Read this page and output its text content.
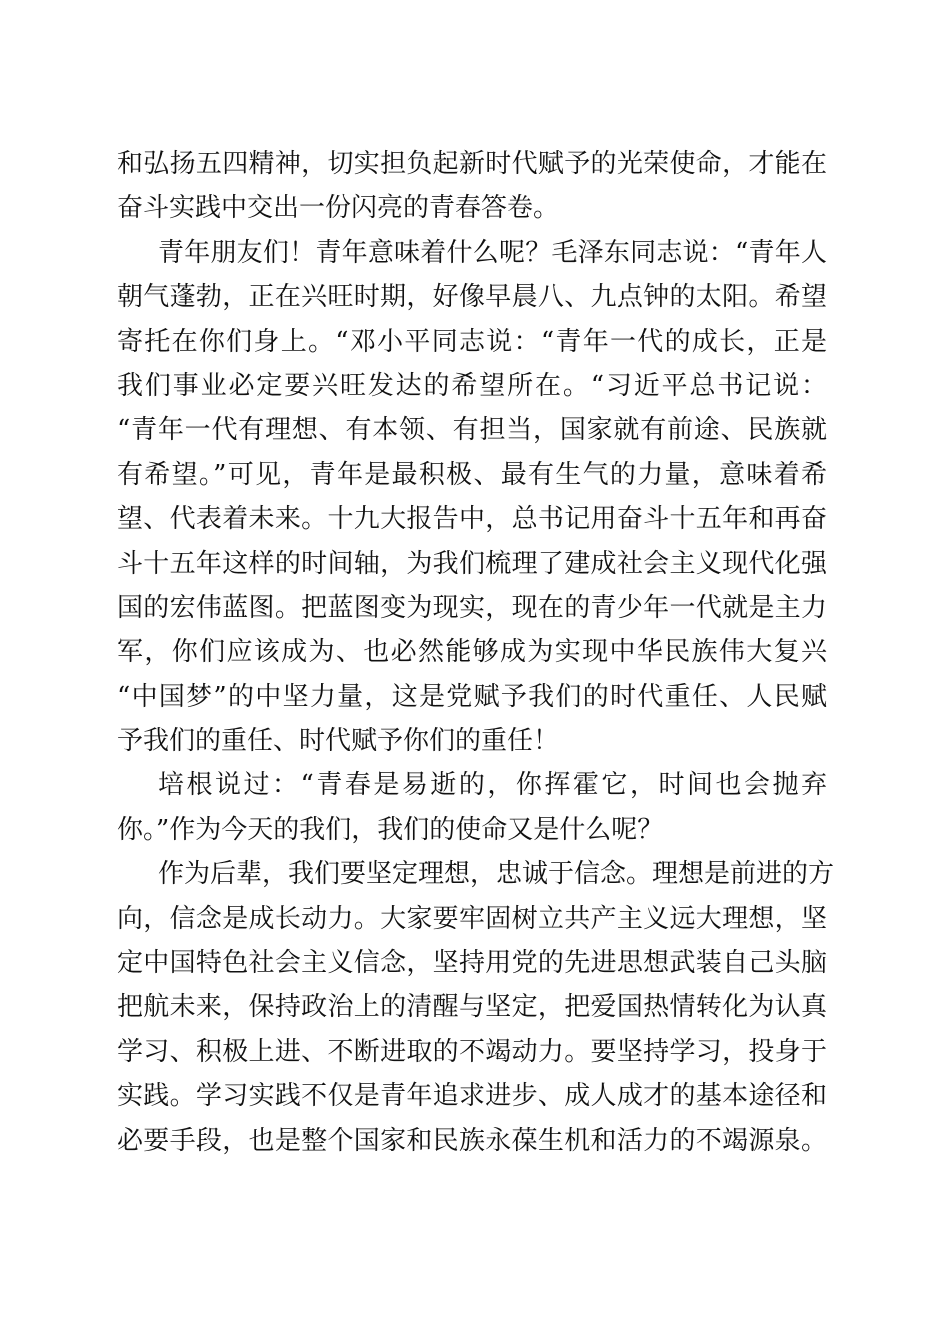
和弘扬五四精神，切实担负起新时代赋予的光荣使命，才能在
奋斗实践中交出一份闪亮的青春答卷。
青年朋友们！青年意味着什么呢？毛泽东同志说：“青年人
朝气蓬勃，正在兴旺时期，好像早晨八、九点钟的太阳。希望
寄托在你们身上。“邓小平同志说：“青年一代的成长，正是
我们事业必定要兴旺发达的希望所在。“习近平总书记说：
“青年一代有理想、有本领、有担当，国家就有前途、民族就
有希望。”可见，青年是最积极、最有生气的力量，意味着希
望、代表着未来。十九大报告中，总书记用奋斗十五年和再奋
斗十五年这样的时间轴，为我们梳理了建成社会主义现代化强
国的宏伟蓝图。把蓝图变为现实，现在的青少年一代就是主力
军，你们应该成为、也必然能够成为实现中华民族伟大复兴
“中国梦”的中坚力量，这是党赋予我们的时代重任、人民赋
予我们的重任、时代赋予你们的重任！
培根说过：“青春是易逝的，你挥霍它，时间也会抛弃
你。”作为今天的我们，我们的使命又是什么呢？
作为后辈，我们要坚定理想，忠诚于信念。理想是前进的方
向，信念是成长动力。大家要牢固树立共产主义远大理想，坚
定中国特色社会主义信念，坚持用党的先进思想武装自己头脑
把航未来，保持政治上的清醒与坚定，把爱国热情转化为认真
学习、积极上进、不断进取的不竭动力。要坚持学习，投身于
实践。学习实践不仅是青年追求进步、成人成才的基本途径和
必要手段，也是整个国家和民族永葆生机和活力的不竭源泉。
